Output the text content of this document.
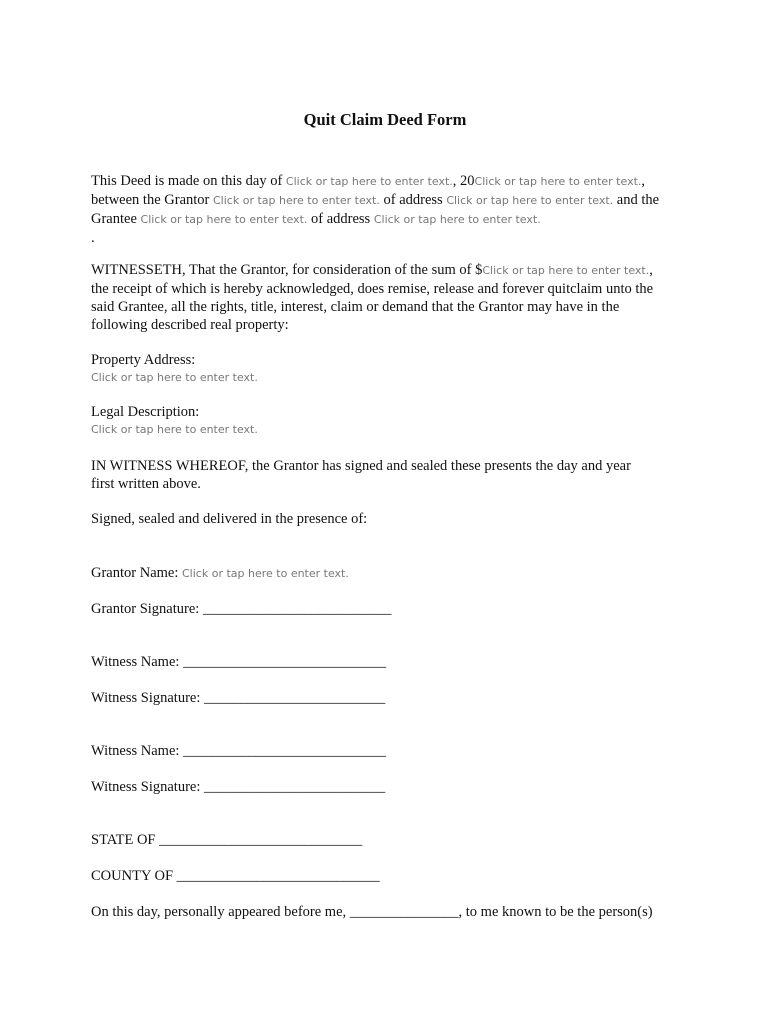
Quit Claim Deed Form
This Deed is made on this day of Click or tap here to enter text., 20Click or tap here to enter text.,
between the Grantor Click or tap here to enter text. of address Click or tap here to enter text. and the
Grantee Click or tap here to enter text. of address Click or tap here to enter text.
.
WITNESSETH, That the Grantor, for consideration of the sum of $Click or tap here to enter text.,
the receipt of which is hereby acknowledged, does remise, release and forever quitclaim unto the
said Grantee, all the rights, title, interest, claim or demand that the Grantor may have in the
following described real property:
Property Address:
Click or tap here to enter text.
Legal Description:
Click or tap here to enter text.
IN WITNESS WHEREOF, the Grantor has signed and sealed these presents the day and year
first written above.
Signed, sealed and delivered in the presence of:
Grantor Name: Click or tap here to enter text.
Grantor Signature: __________________________
Witness Name: ____________________________
Witness Signature: _________________________
Witness Name: ____________________________
Witness Signature: _________________________
STATE OF ____________________________
COUNTY OF ____________________________
On this day, personally appeared before me, _______________, to me known to be the person(s)
